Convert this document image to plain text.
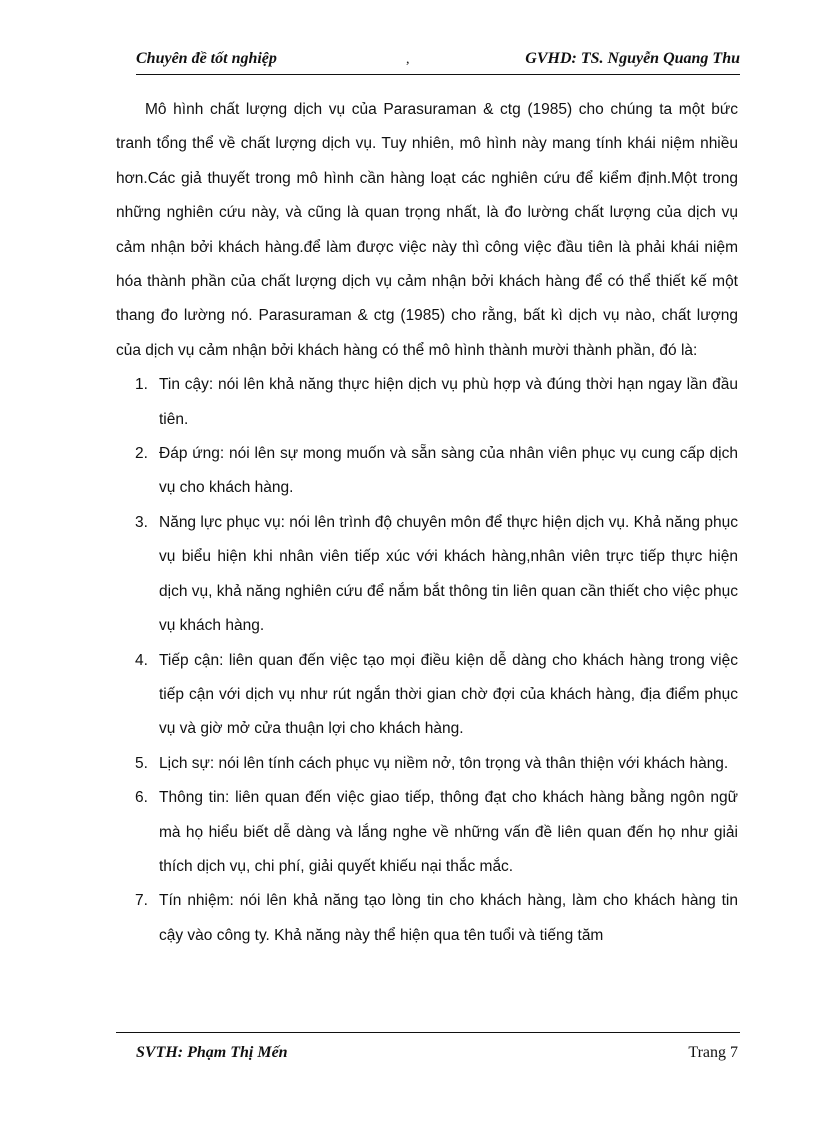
Chuyên đề tốt nghiệp	,	GVHD: TS. Nguyễn Quang Thu

Mô hình chất lượng dịch vụ của Parasuraman & ctg (1985) cho chúng ta một bức tranh tổng thể về chất lượng dịch vụ. Tuy nhiên, mô hình này mang tính khái niệm nhiều hơn.Các giả thuyết trong mô hình cần hàng loạt các nghiên cứu để kiểm định.Một trong những nghiên cứu này, và cũng là quan trọng nhất, là đo lường chất lượng của dịch vụ cảm nhận bởi khách hàng.để làm được việc này thì công việc đầu tiên là phải khái niệm hóa thành phần của chất lượng dịch vụ cảm nhận bởi khách hàng để có thể thiết kế một thang đo lường nó. Parasuraman & ctg (1985) cho rằng, bất kì dịch vụ nào, chất lượng của dịch vụ cảm nhận bởi khách hàng có thể mô hình thành mười thành phần, đó là:

1. Tin cậy: nói lên khả năng thực hiện dịch vụ phù hợp và đúng thời hạn ngay lần đầu tiên.
2. Đáp ứng: nói lên sự mong muốn và sẵn sàng của nhân viên phục vụ cung cấp dịch vụ cho khách hàng.
3. Năng lực phục vụ: nói lên trình độ chuyên môn để thực hiện dịch vụ. Khả năng phục vụ biểu hiện khi nhân viên tiếp xúc với khách hàng,nhân viên trực tiếp thực hiện dịch vụ, khả năng nghiên cứu để nắm bắt thông tin liên quan cần thiết cho việc phục vụ khách hàng.
4. Tiếp cận: liên quan đến việc tạo mọi điều kiện dễ dàng cho khách hàng trong việc tiếp cận với dịch vụ như rút ngắn thời gian chờ đợi của khách hàng, địa điểm phục vụ và giờ mở cửa thuận lợi cho khách hàng.
5. Lịch sự: nói lên tính cách phục vụ niềm nở, tôn trọng và thân thiện với khách hàng.
6. Thông tin: liên quan đến việc giao tiếp, thông đạt cho khách hàng bằng ngôn ngữ mà họ hiểu biết dễ dàng và lắng nghe về những vấn đề liên quan đến họ như giải thích dịch vụ, chi phí, giải quyết khiếu nại thắc mắc.
7. Tín nhiệm: nói lên khả năng tạo lòng tin cho khách hàng, làm cho khách hàng tin cậy vào công ty. Khả năng này thể hiện qua tên tuổi và tiếng tăm
SVTH: Phạm Thị Mến	Trang 7
